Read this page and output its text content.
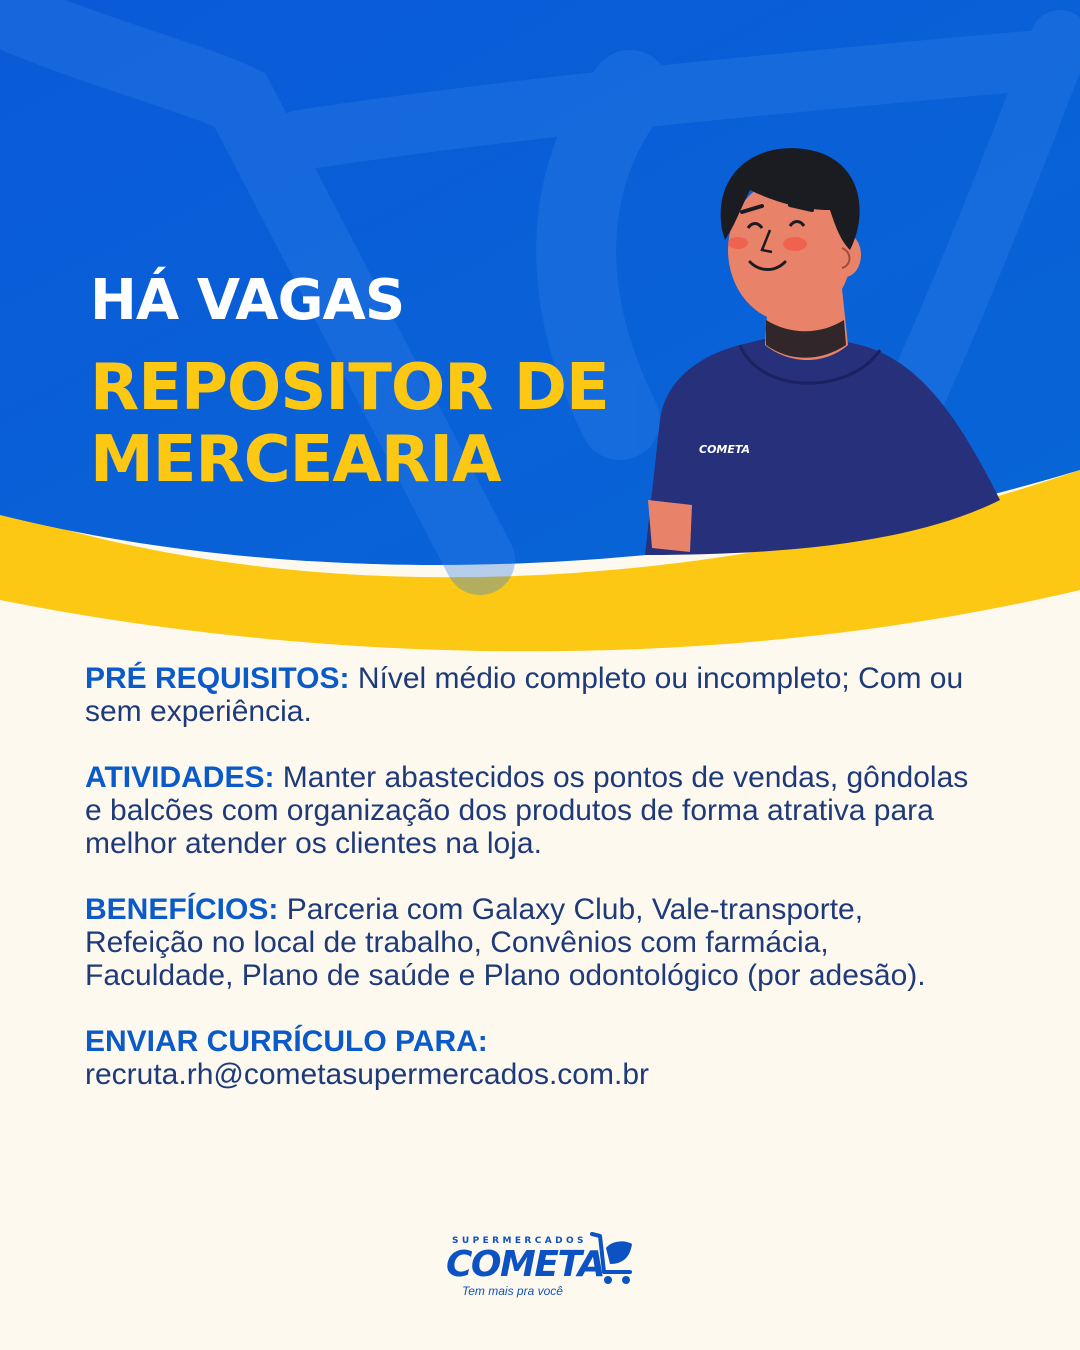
COMETA
HÁ VAGAS
REPOSITOR DE MERCEARIA
PRÉ REQUISITOS: Nível médio completo ou incompleto; Com ou sem experiência.
ATIVIDADES: Manter abastecidos os pontos de vendas, gôndolas e balcões com organização dos produtos de forma atrativa para melhor atender os clientes na loja.
BENEFÍCIOS: Parceria com Galaxy Club, Vale-transporte, Refeição no local de trabalho, Convênios com farmácia, Faculdade, Plano de saúde e Plano odontológico (por adesão).
ENVIAR CURRÍCULO PARA:
recruta.rh@cometasupermercados.com.br
SUPERMERCADOS
COMETA
Tem mais pra você
